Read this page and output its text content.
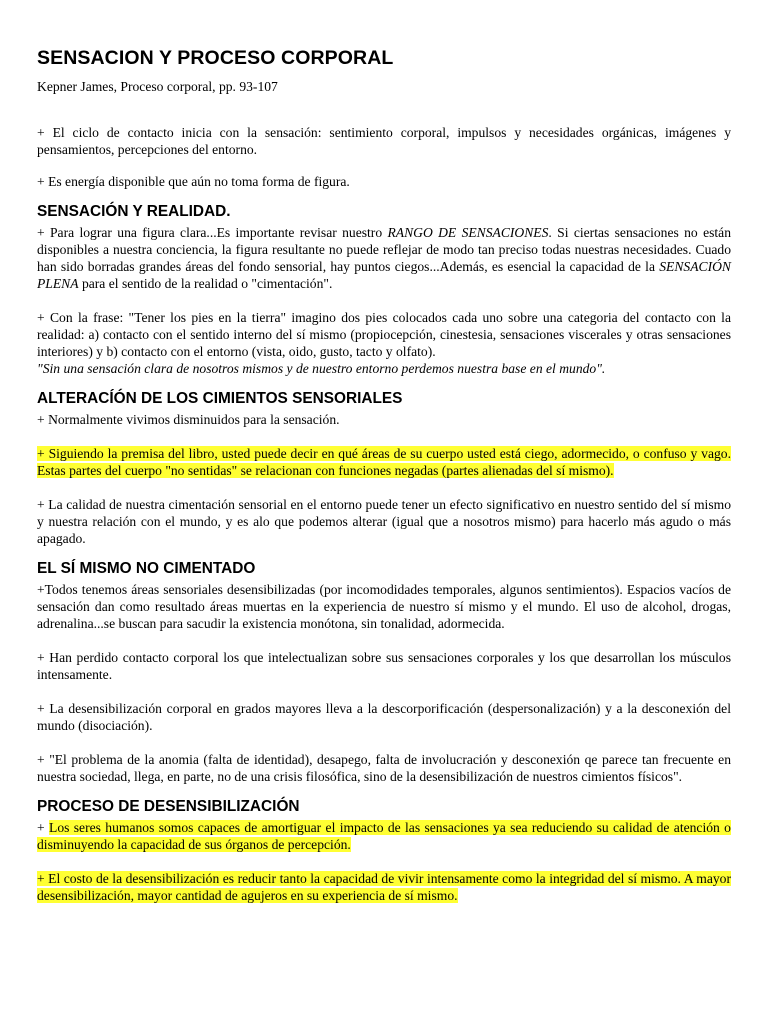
SENSACION Y PROCESO CORPORAL

Kepner James, Proceso corporal, pp. 93-107

+ El ciclo de contacto inicia con la sensación: sentimiento corporal, impulsos y necesidades orgánicas, imágenes y pensamientos, percepciones del entorno.

+ Es energía disponible que aún no toma forma de figura.

SENSACIÓN Y REALIDAD.

+ Para lograr una figura clara...Es importante revisar nuestro RANGO DE SENSACIONES. Si ciertas sensaciones no están disponibles a nuestra conciencia, la figura resultante no puede reflejar de modo tan preciso todas nuestras necesidades. Cuado han sido borradas grandes áreas del fondo sensorial, hay puntos ciegos...Además, es esencial la capacidad de la SENSACIÓN PLENA para el sentido de la realidad o "cimentación".

+ Con la frase: "Tener los pies en la tierra" imagino dos pies colocados cada uno sobre una categoria del contacto con la realidad: a) contacto con el sentido interno del sí mismo (propiocepción, cinestesia, sensaciones viscerales y otras sensaciones interiores) y b) contacto con el entorno (vista, oido, gusto, tacto y olfato).

"Sin una sensación clara de nosotros mismos y de nuestro entorno perdemos nuestra base en el mundo".

ALTERACÍÓN DE LOS CIMIENTOS SENSORIALES

+ Normalmente vivimos disminuidos para la sensación.

+ Siguiendo la premisa del libro, usted puede decir en qué áreas de su cuerpo usted está ciego, adormecido, o confuso y vago. Estas partes del cuerpo "no sentidas" se relacionan con funciones negadas (partes alienadas del sí mismo).

+ La calidad de nuestra cimentación sensorial en el entorno puede tener un efecto significativo en nuestro sentido del sí mismo y nuestra relación con el mundo, y es alo que podemos alterar (igual que a nosotros mismo) para hacerlo más agudo o más apagado.

EL SÍ MISMO NO CIMENTADO

+Todos tenemos áreas sensoriales desensibilizadas (por incomodidades temporales, algunos sentimientos). Espacios vacíos de sensación dan como resultado áreas muertas en la experiencia de nuestro sí mismo y el mundo. El uso de alcohol, drogas, adrenalina...se buscan para sacudir la existencia monótona, sin tonalidad, adormecida.

+ Han perdido contacto corporal los que intelectualizan sobre sus sensaciones corporales y los que desarrollan los músculos intensamente.

+ La desensibilización corporal en grados mayores lleva a la descorporificación (despersonalización) y a la desconexión del mundo (disociación).

+ "El problema de la anomia (falta de identidad), desapego, falta de involucración y desconexión qe parece tan frecuente en nuestra sociedad, llega, en parte, no de una crisis filosófica, sino de la desensibilización de nuestros cimientos físicos".

PROCESO DE DESENSIBILIZACIÓN

+ Los seres humanos somos capaces de amortiguar el impacto de las sensaciones ya sea reduciendo su calidad de atención o disminuyendo la capacidad de sus órganos de percepción.

+ El costo de la desensibilización es reducir tanto la capacidad de vivir intensamente como la integridad del sí mismo. A mayor desensibilización, mayor cantidad de agujeros en su experiencia de sí mismo.
